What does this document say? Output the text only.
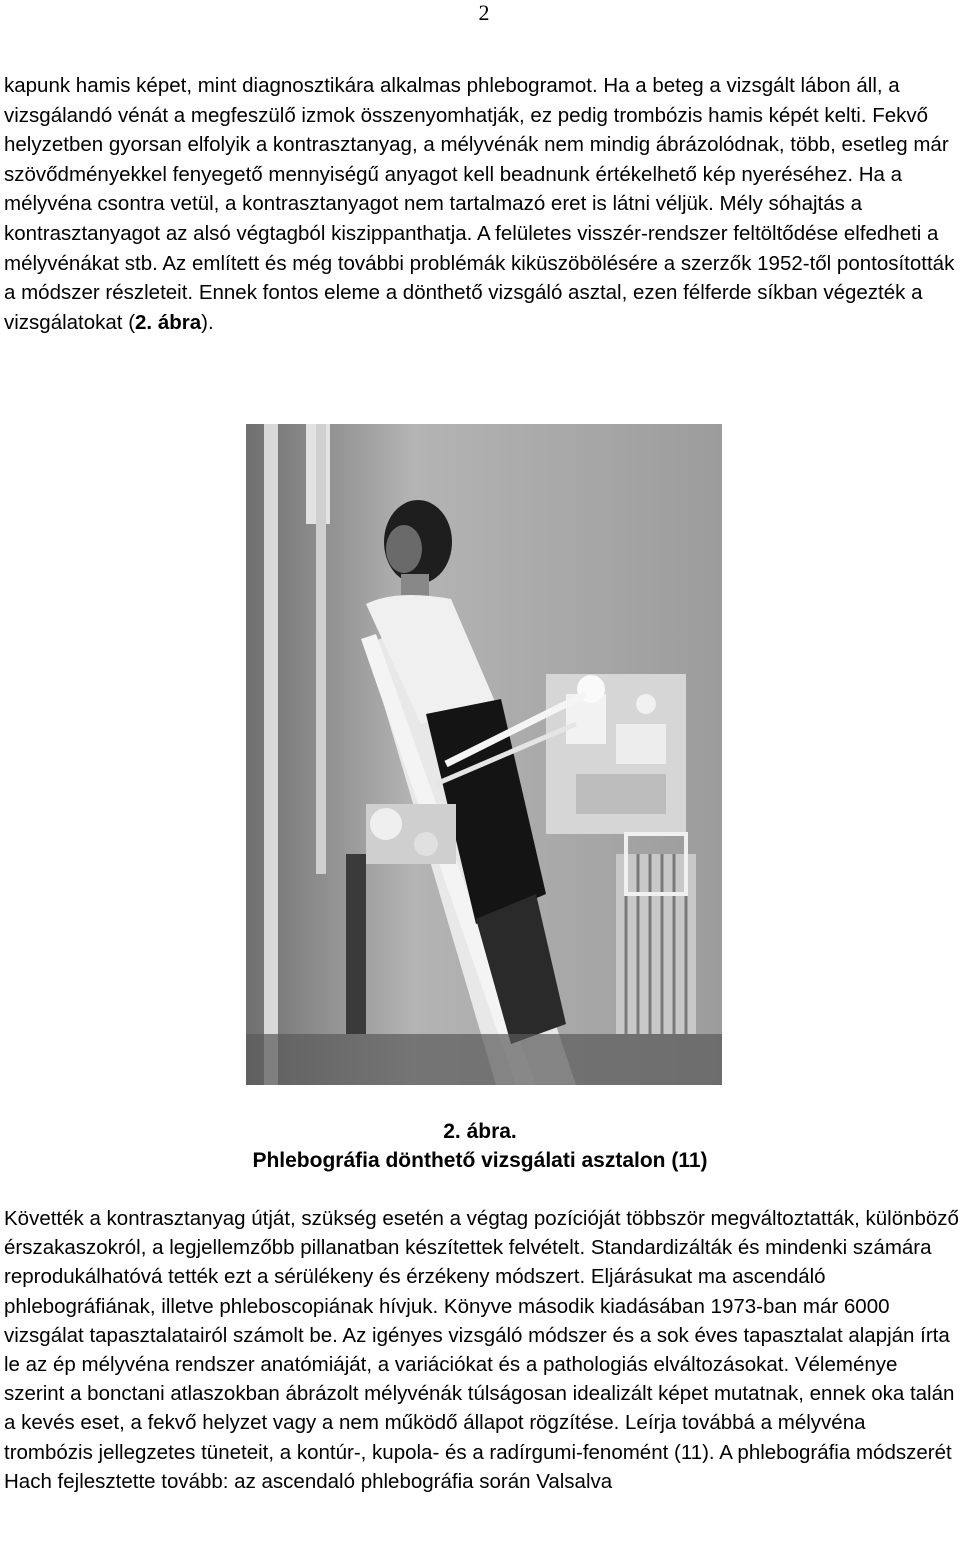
2

kapunk hamis képet, mint diagnosztikára alkalmas phlebogramot. Ha a beteg a vizsgált lábon áll, a vizsgálandó vénát a megfeszülő izmok összenyomhatják, ez pedig trombózis hamis képét kelti. Fekvő helyzetben gyorsan elfolyik a kontrasztanyag, a mélyvénák nem mindig ábrázolódnak, több, esetleg már szövődményekkel fenyegető mennyiségű anyagot kell beadnunk értékelhető kép nyeréséhez. Ha a mélyvéna csontra vetül, a kontrasztanyagot nem tartalmazó eret is látni véljük. Mély sóhajtás a kontrasztanyagot az alsó végtagból kiszippanthatja. A felületes visszér-rendszer feltöltődése elfedheti a mélyvénákat stb. Az említett és még további problémák kiküszöbölésére a szerzők 1952-től pontosították a módszer részleteit. Ennek fontos eleme a dönthető vizsgáló asztal, ezen félferde síkban végezték a vizsgálatokat (2. ábra).

2. ábra.
Phlebográfia dönthető vizsgálati asztalon (11)

Követték a kontrasztanyag útját, szükség esetén a végtag pozícióját többször megváltoztatták, különböző érszakaszokról, a legjellemzőbb pillanatban készítettek felvételt. Standardizálták és mindenki számára reprodukálhatóvá tették ezt a sérülékeny és érzékeny módszert. Eljárásukat ma ascendáló phlebográfiának, illetve phleboscopiának hívjuk. Könyve második kiadásában 1973-ban már 6000 vizsgálat tapasztalatairól számolt be. Az igényes vizsgáló módszer és a sok éves tapasztalat alapján írta le az ép mélyvéna rendszer anatómiáját, a variációkat és a pathologiás elváltozásokat. Véleménye szerint a bonctani atlaszokban ábrázolt mélyvénák túlságosan idealizált képet mutatnak, ennek oka talán a kevés eset, a fekvő helyzet vagy a nem működő állapot rögzítése. Leírja továbbá a mélyvéna trombózis jellegzetes tüneteit, a kontúr-, kupola- és a radírgumi-fenomént (11). A phlebográfia módszerét Hach fejlesztette tovább: az ascendaló phlebográfia során Valsalva
